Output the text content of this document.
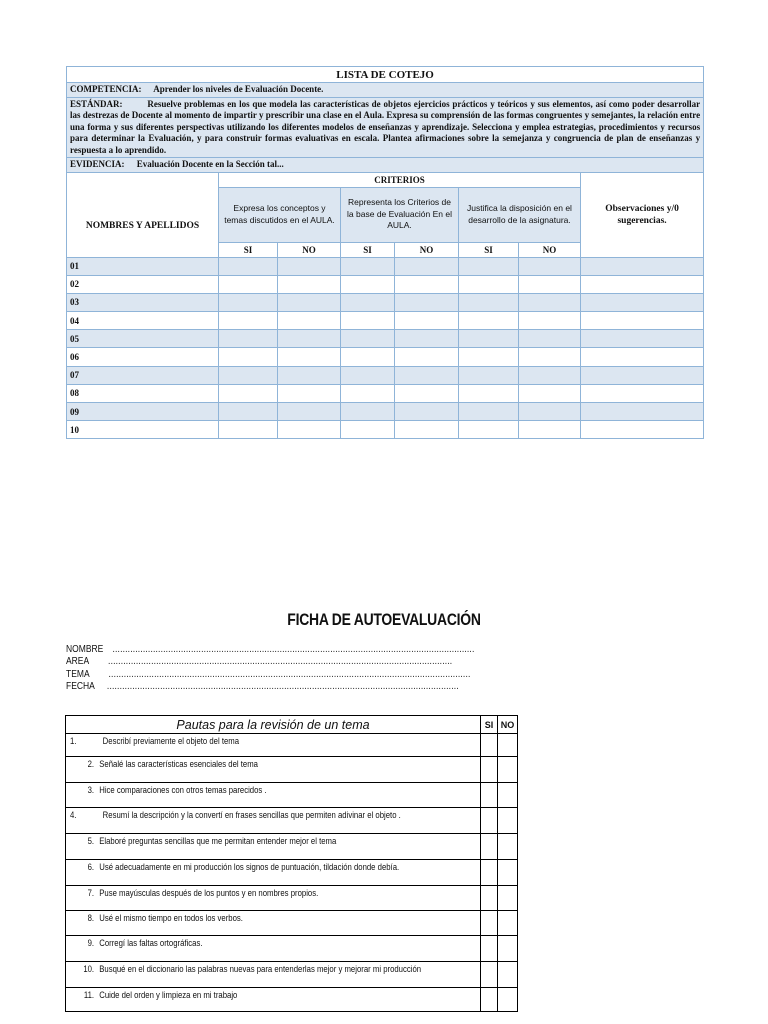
LISTA DE COTEJO							
COMPETENCIA: Aprender los niveles de Evaluación Docente.							
ESTÁNDAR: Resuelve problemas en los que modela las características de objetos ejercicios prácticos y teóricos y sus elementos, así como poder desarrollar las destrezas de Docente al momento de impartir y prescribir una clase en el Aula. Expresa su comprensión de las formas congruentes y semejantes, la relación entre una forma y sus diferentes perspectivas utilizando los diferentes modelos de enseñanzas y aprendizaje. Selecciona y emplea estrategias, procedimientos y recursos para determinar la Evaluación, y para construir formas evaluativas en escala. Plantea afirmaciones sobre la semejanza y congruencia de plan de enseñanzas y respuesta a lo aprendido.							
EVIDENCIA: Evaluación Docente en la Sección tal...							
NOMBRES Y APELLIDOS	CRITERIOS						Observaciones y/0 sugerencias.
	Expresa los conceptos y temas discutidos en el AULA.		Representa los Criterios de la base de Evaluación En el AULA.		Justifica la disposición en el desarrollo de la asignatura.		
	SI	NO	SI	NO	SI	NO	
01							
02							
03							
04							
05							
06							
07							
08							
09							
10							
FICHA DE AUTOEVALUACIÓN
NOMBRE ...............................................................................................................................................
AREA ........................................................................................................................................
TEMA ...............................................................................................................................................
FECHA ...........................................................................................................................................
Pautas para la revisión de un tema	SI	NO
1. Describí previamente el objeto del tema		
2. Señalé las características esenciales del tema		
3. Hice comparaciones con otros temas parecidos .		
4. Resumí la descripción y la convertí en frases sencillas que permiten adivinar el objeto .		
5. Elaboré preguntas sencillas que me permitan entender mejor el tema		
6. Usé adecuadamente en mi producción los signos de puntuación, tildación donde debía.		
7. Puse mayúsculas después de los puntos y en nombres propios.		
8. Usé el mismo tiempo en todos los verbos.		
9. Corregí las faltas ortográficas.		
10. Busqué en el diccionario las palabras nuevas para entenderlas mejor y mejorar mi producción		
11. Cuide del orden y limpieza en mi trabajo		
